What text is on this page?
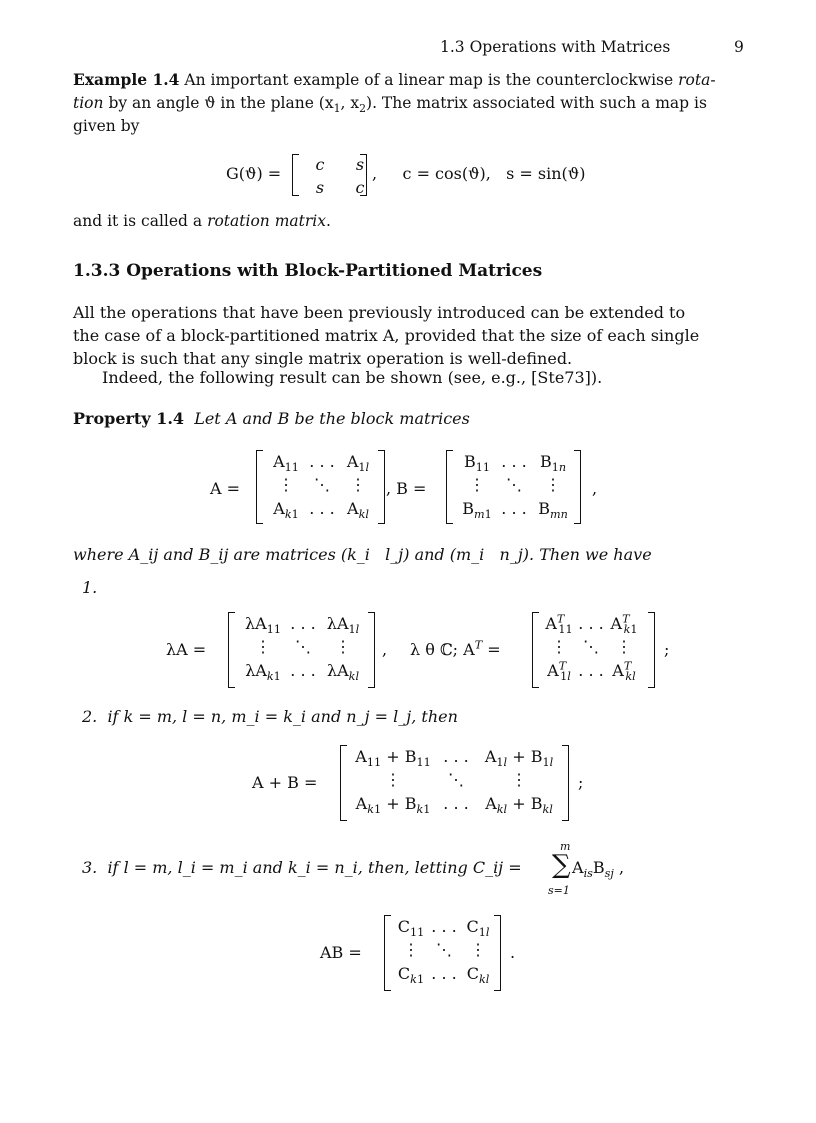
1.3 Operations with Matrices	9
Example 1.4 An important example of a linear map is the counterclockwise rota-
tion by an angle ϑ in the plane ($x_1$, $x_2$). The matrix associated with such a map is
given by
G(ϑ) =	c	s
s	c
,     c = cos(ϑ),   s = sin(ϑ)
and it is called a rotation matrix.
1.3.3 Operations with Block-Partitioned Matrices
All the operations that have been previously introduced can be extended to
the case of a block-partitioned matrix A, provided that the size of each single
block is such that any single matrix operation is well-defined.
Indeed, the following result can be shown (see, e.g., [Ste73]).
Property 1.4 Let A and B be the block matrices
A =
$A_{11}$ . . . $A_{1l}$
⋮	⋱	⋮
$A_{k1}$ . . . $A_{kl}$
, B =
$B_{11}$ . . . $B_{1n}$
⋮	⋱	⋮
$B_{m1}$ . . . $B_{mn}$
,
where A_ij and B_ij are matrices (k_i   l_j) and (m_i   n_j). Then we have
1.
λA =
$\lambda A_{11}$ . . . $\lambda A_{1l}$
⋮	⋱	⋮
$\lambda A_{k1}$ . . . $\lambda A_{kl}$
, λ θ ℂ; $A^T$ =
$A^T_{11}$ . . . $A^T_{k1}$
⋮	⋱	⋮
$A^T_{1l}$ . . . $A^T_{kl}$
;
2.  if k = m, l = n, m_i = k_i and n_j = l_j, then
A + B =
$A_{11} + B_{11}$ . . .	$A_{1l} + B_{1l}$
⋮	⋱	⋮
$A_{k1} + B_{k1}$ . . .	$A_{kl} + B_{kl}$
;
3.  if l = m, l_i = m_i and k_i = n_i, then, letting C_ij =
m
∑
s=1
$A_{is}B_{sj}$ ,
AB =
$C_{11}$ . . . $C_{1l}$
⋮	⋱	⋮
$C_{k1}$ . . . $C_{kl}$
.
